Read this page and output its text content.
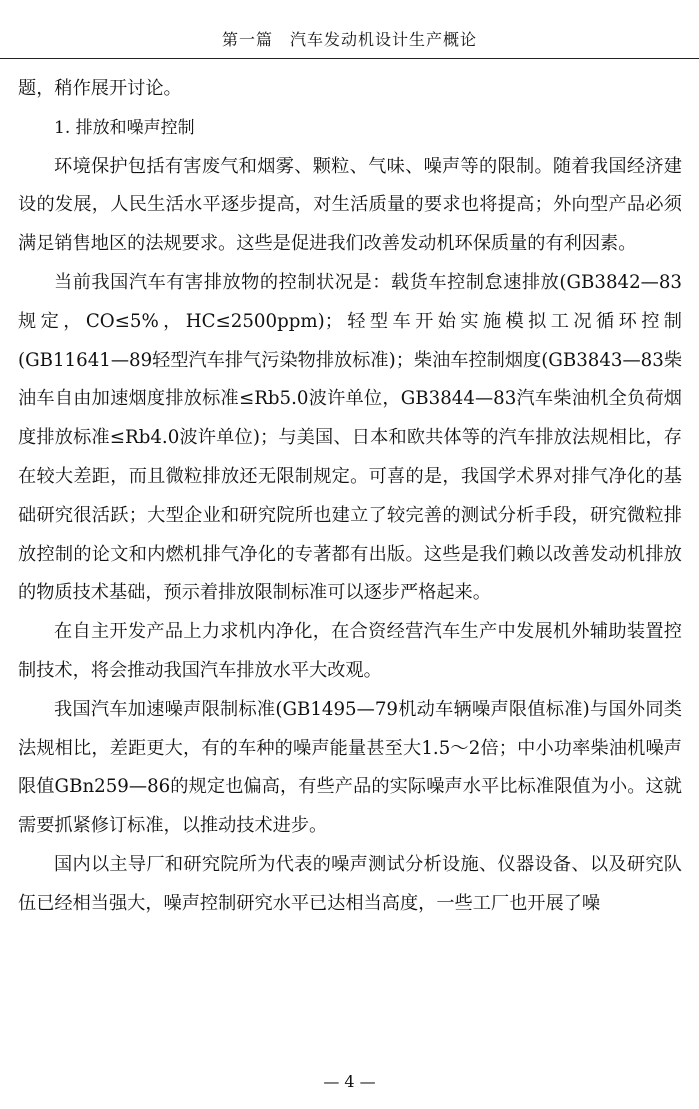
第一篇　汽车发动机设计生产概论

题，稍作展开讨论。

1. 排放和噪声控制

环境保护包括有害废气和烟雾、颗粒、气味、噪声等的限制。随着我国经济建设的发展，人民生活水平逐步提高，对生活质量的要求也将提高；外向型产品必须满足销售地区的法规要求。这些是促进我们改善发动机环保质量的有利因素。

当前我国汽车有害排放物的控制状况是：载货车控制怠速排放(GB3842—83规定，CO≤5%，HC≤2500ppm)；轻型车开始实施模拟工况循环控制(GB11641—89轻型汽车排气污染物排放标准)；柴油车控制烟度(GB3843—83柴油车自由加速烟度排放标准≤Rb5.0波许单位，GB3844—83汽车柴油机全负荷烟度排放标准≤Rb4.0波许单位)；与美国、日本和欧共体等的汽车排放法规相比，存在较大差距，而且微粒排放还无限制规定。可喜的是，我国学术界对排气净化的基础研究很活跃；大型企业和研究院所也建立了较完善的测试分析手段，研究微粒排放控制的论文和内燃机排气净化的专著都有出版。这些是我们赖以改善发动机排放的物质技术基础，预示着排放限制标准可以逐步严格起来。

在自主开发产品上力求机内净化，在合资经营汽车生产中发展机外辅助装置控制技术，将会推动我国汽车排放水平大改观。

我国汽车加速噪声限制标准(GB1495—79机动车辆噪声限值标准)与国外同类法规相比，差距更大，有的车种的噪声能量甚至大1.5～2倍；中小功率柴油机噪声限值GBn259—86的规定也偏高，有些产品的实际噪声水平比标准限值为小。这就需要抓紧修订标准，以推动技术进步。

国内以主导厂和研究院所为代表的噪声测试分析设施、仪器设备、以及研究队伍已经相当强大，噪声控制研究水平已达相当高度，一些工厂也开展了噪

— 4 —
